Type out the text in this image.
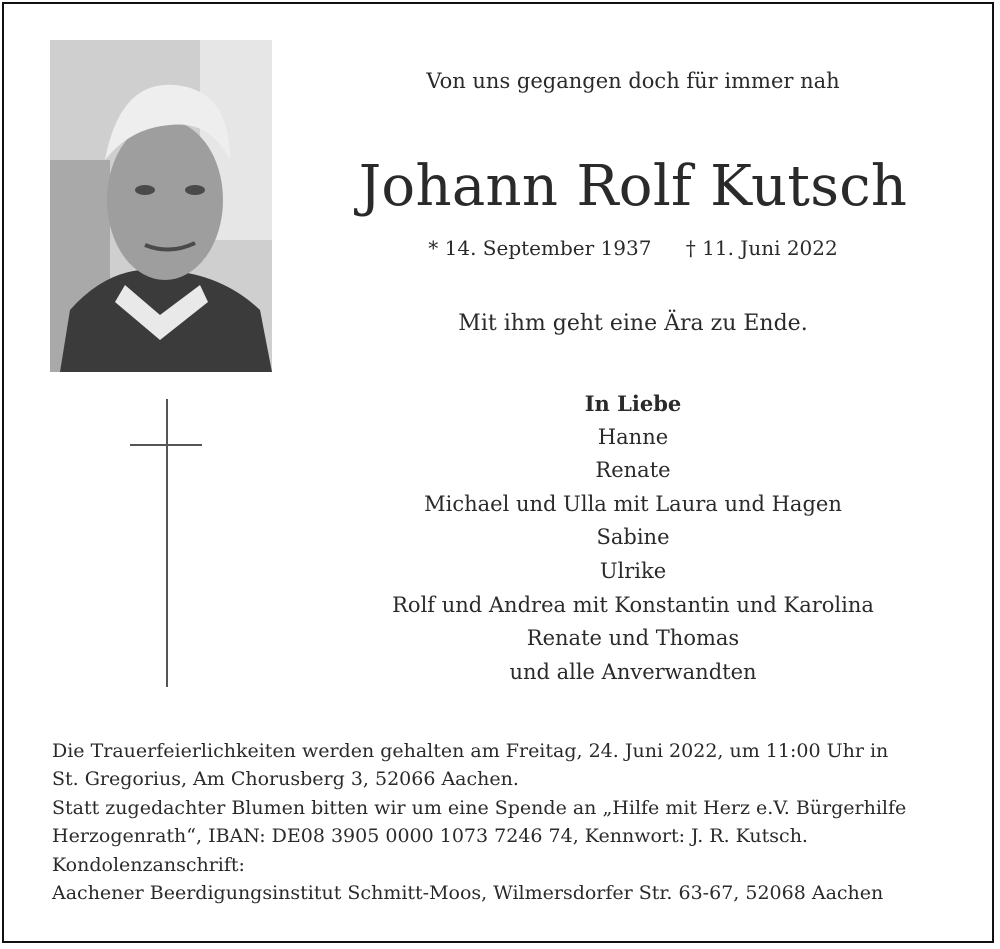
Von uns gegangen doch für immer nah
Johann Rolf Kutsch
* 14. September 1937 † 11. Juni 2022
Mit ihm geht eine Ära zu Ende.
In Liebe
Hanne
Renate
Michael und Ulla mit Laura und Hagen
Sabine
Ulrike
Rolf und Andrea mit Konstantin und Karolina
Renate und Thomas
und alle Anverwandten
Die Trauerfeierlichkeiten werden gehalten am Freitag, 24. Juni 2022, um 11:00 Uhr in
St. Gregorius, Am Chorusberg 3, 52066 Aachen.
Statt zugedachter Blumen bitten wir um eine Spende an „Hilfe mit Herz e.V. Bürgerhilfe
Herzogenrath“, IBAN: DE08 3905 0000 1073 7246 74, Kennwort: J. R. Kutsch.
Kondolenzanschrift:
Aachener Beerdigungsinstitut Schmitt-Moos, Wilmersdorfer Str. 63-67, 52068 Aachen
